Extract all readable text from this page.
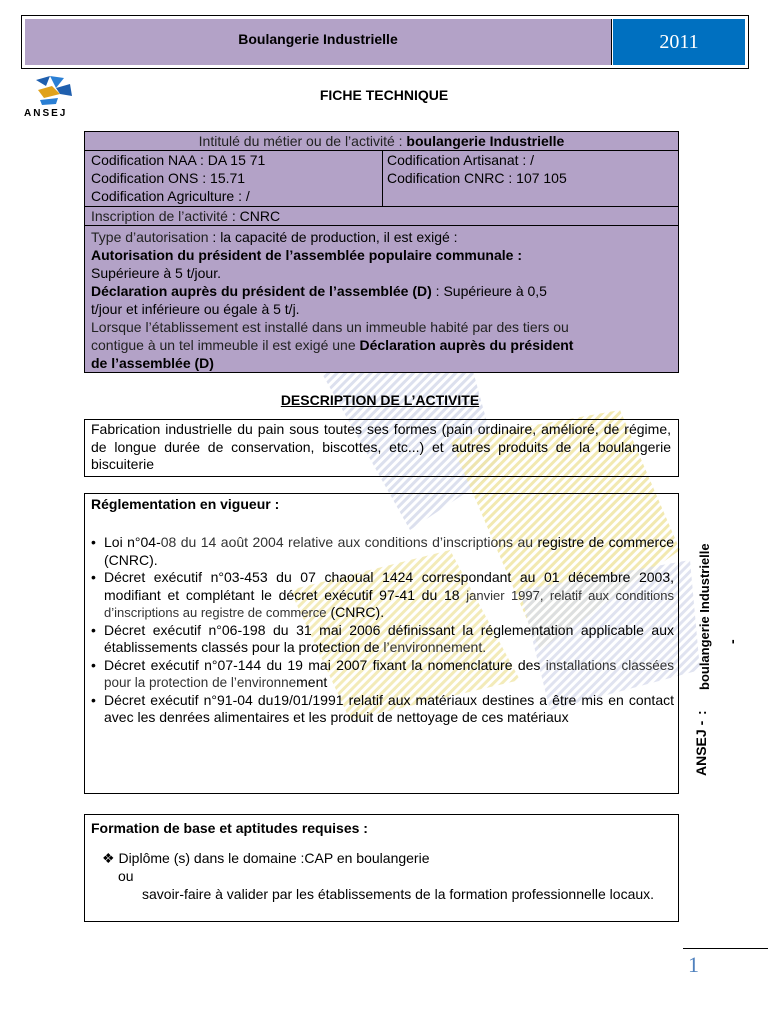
Boulangerie Industrielle	2011
ANSEJ
FICHE TECHNIQUE
Intitulé du métier ou de l’activité : boulangerie Industrielle
Codification NAA : DA 15 71
Codification ONS : 15.71
Codification Agriculture : /
Codification Artisanat : /
Codification CNRC : 107 105
Inscription de l’activité : CNRC
Type d’autorisation : la capacité de production, il est exigé :
Autorisation du président de l’assemblée populaire communale :
Supérieure à 5 t/jour.
Déclaration auprès du président de l’assemblée (D) : Supérieure à 0,5
t/jour et inférieure ou égale à 5 t/j.
Lorsque l’établissement est installé dans un immeuble habité par des tiers ou
contigue à un tel immeuble il est exigé une Déclaration auprès du président
de l’assemblée (D)
DESCRIPTION DE L’ACTIVITE
Fabrication industrielle du pain sous toutes ses formes (pain ordinaire, amélioré, de régime, de longue durée de conservation, biscottes, etc...) et autres produits de la boulangerie biscuiterie
Réglementation en vigueur :
• Loi n°04-08 du 14 août 2004 relative aux conditions d’inscriptions au registre de commerce (CNRC).
• Décret exécutif n°03-453 du 07 chaoual 1424 correspondant au 01 décembre 2003, modifiant et complétant le décret exécutif 97-41 du 18 janvier 1997, relatif aux conditions d’inscriptions au registre de commerce (CNRC).
• Décret exécutif n°06-198 du 31 mai 2006 définissant la réglementation applicable aux établissements classés pour la protection de l’environnement.
• Décret exécutif n°07-144 du 19 mai 2007 fixant la nomenclature des installations classées pour la protection de l’environnement
• Décret exécutif n°91-04 du19/01/1991 relatif aux matériaux destines a être mis en contact avec les denrées alimentaires et les produit de nettoyage de ces matériaux
Formation de base et aptitudes requises :
❖ Diplôme (s) dans le domaine :CAP en boulangerie
ou
savoir-faire à valider par les établissements de la formation professionnelle locaux.
ANSEJ -
:
boulangerie Industrielle -
1
